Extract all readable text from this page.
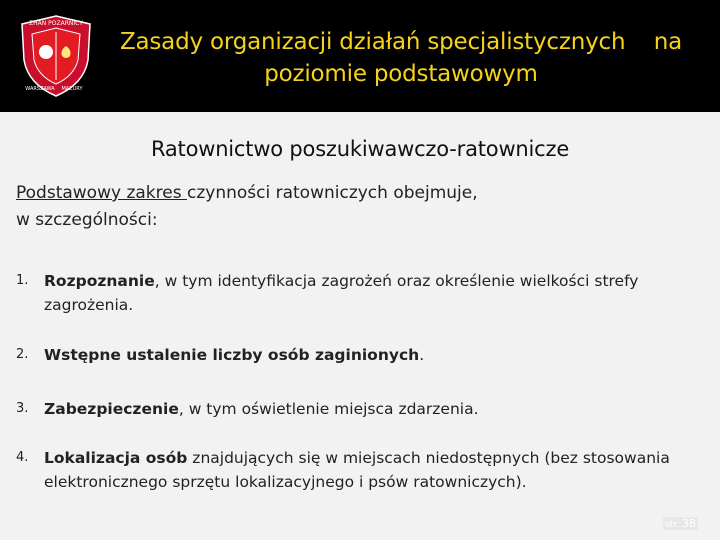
ZHAŃ POZARNICY
WARSZAWA MAZURY
Zasady organizacji działań specjalistycznych    na
poziomie podstawowym
Ratownictwo poszukiwawczo-ratownicze
Podstawowy zakres czynności ratowniczych obejmuje,
w szczególności:
1.	Rozpoznanie, w tym identyfikacja zagrożeń oraz określenie wielkości strefy zagrożenia.
2.	Wstępne ustalenie liczby osób zaginionych.
3.	Zabezpieczenie, w tym oświetlenie miejsca zdarzenia.
4.	Lokalizacja osób znajdujących się w miejscach niedostępnych (bez stosowania elektronicznego sprzętu lokalizacyjnego i psów ratowniczych).
str. 38
